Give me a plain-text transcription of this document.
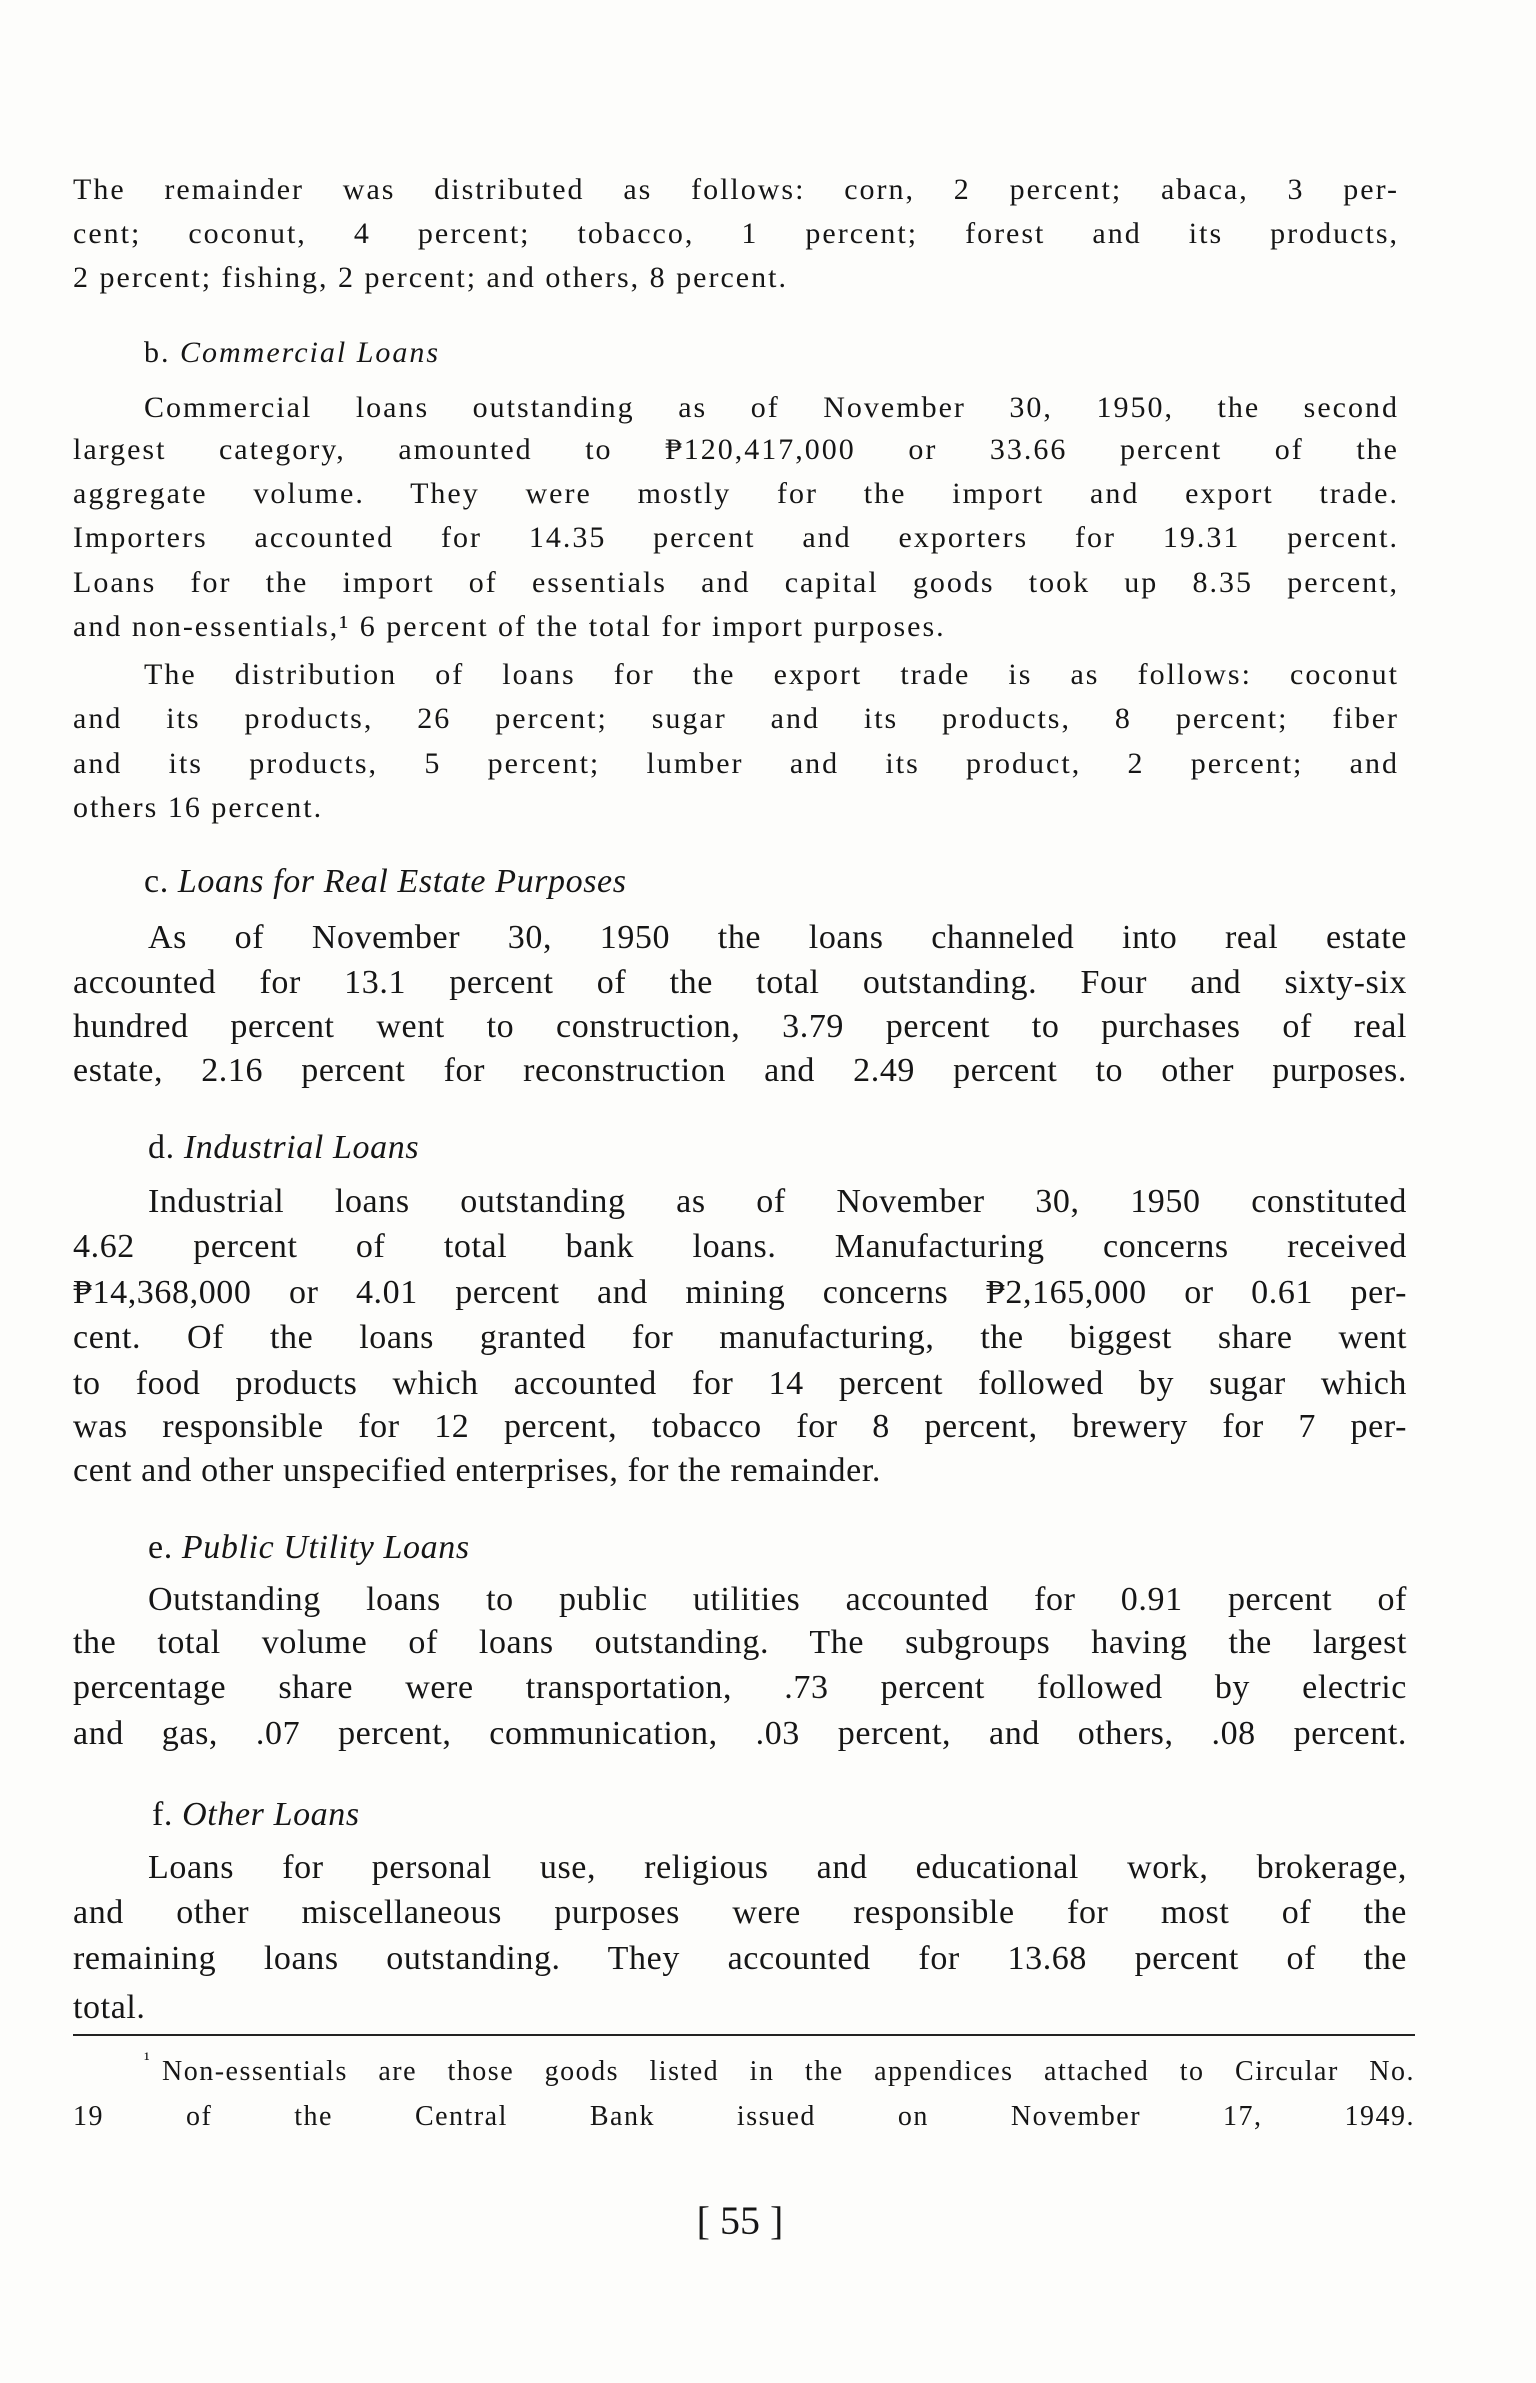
The remainder was distributed as follows: corn, 2 percent; abaca, 3 per-
cent; coconut, 4 percent; tobacco, 1 percent; forest and its products,
2 percent; fishing, 2 percent; and others, 8 percent.
b. Commercial Loans
Commercial loans outstanding as of November 30, 1950, the second
largest category, amounted to ₱120,417,000 or 33.66 percent of the
aggregate volume. They were mostly for the import and export trade.
Importers accounted for 14.35 percent and exporters for 19.31 percent.
Loans for the import of essentials and capital goods took up 8.35 percent,
and non-essentials,¹ 6 percent of the total for import purposes.
The distribution of loans for the export trade is as follows: coconut
and its products, 26 percent; sugar and its products, 8 percent; fiber
and its products, 5 percent; lumber and its product, 2 percent; and
others 16 percent.
c. Loans for Real Estate Purposes
As of November 30, 1950 the loans channeled into real estate
accounted for 13.1 percent of the total outstanding. Four and sixty-six
hundred percent went to construction, 3.79 percent to purchases of real
estate, 2.16 percent for reconstruction and 2.49 percent to other purposes.
d. Industrial Loans
Industrial loans outstanding as of November 30, 1950 constituted
4.62 percent of total bank loans. Manufacturing concerns received
₱14,368,000 or 4.01 percent and mining concerns ₱2,165,000 or 0.61 per-
cent. Of the loans granted for manufacturing, the biggest share went
to food products which accounted for 14 percent followed by sugar which
was responsible for 12 percent, tobacco for 8 percent, brewery for 7 per-
cent and other unspecified enterprises, for the remainder.
e. Public Utility Loans
Outstanding loans to public utilities accounted for 0.91 percent of
the total volume of loans outstanding. The subgroups having the largest
percentage share were transportation, .73 percent followed by electric
and gas, .07 percent, communication, .03 percent, and others, .08 percent.
f. Other Loans
Loans for personal use, religious and educational work, brokerage,
and other miscellaneous purposes were responsible for most of the
remaining loans outstanding. They accounted for 13.68 percent of the
total.
¹ Non-essentials are those goods listed in the appendices attached to Circular No.
19 of the Central Bank issued on November 17, 1949.
[ 55 ]
